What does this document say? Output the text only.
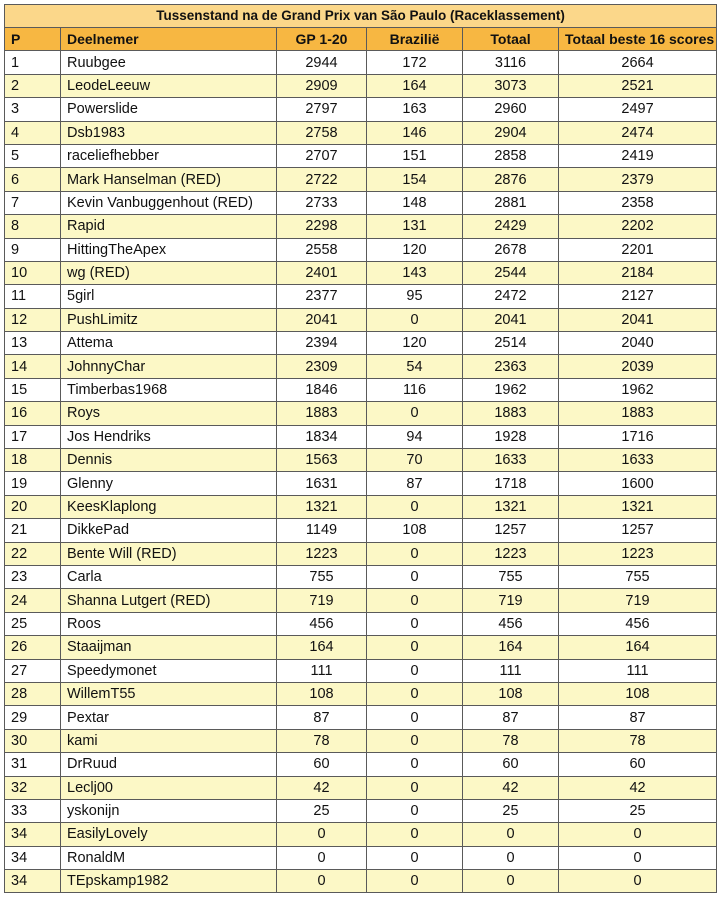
Tussenstand na de Grand Prix van São Paulo (Raceklassement)					
P	Deelnemer	GP 1-20	Brazilië	Totaal	Totaal beste 16 scores
1	Ruubgee	2944	172	3116	2664
2	LeodeLeeuw	2909	164	3073	2521
3	Powerslide	2797	163	2960	2497
4	Dsb1983	2758	146	2904	2474
5	raceliefhebber	2707	151	2858	2419
6	Mark Hanselman (RED)	2722	154	2876	2379
7	Kevin Vanbuggenhout (RED)	2733	148	2881	2358
8	Rapid	2298	131	2429	2202
9	HittingTheApex	2558	120	2678	2201
10	wg (RED)	2401	143	2544	2184
11	5girl	2377	95	2472	2127
12	PushLimitz	2041	0	2041	2041
13	Attema	2394	120	2514	2040
14	JohnnyChar	2309	54	2363	2039
15	Timberbas1968	1846	116	1962	1962
16	Roys	1883	0	1883	1883
17	Jos Hendriks	1834	94	1928	1716
18	Dennis	1563	70	1633	1633
19	Glenny	1631	87	1718	1600
20	KeesKlaplong	1321	0	1321	1321
21	DikkePad	1149	108	1257	1257
22	Bente Will (RED)	1223	0	1223	1223
23	Carla	755	0	755	755
24	Shanna Lutgert (RED)	719	0	719	719
25	Roos	456	0	456	456
26	Staaijman	164	0	164	164
27	Speedymonet	111	0	111	111
28	WillemT55	108	0	108	108
29	Pextar	87	0	87	87
30	kami	78	0	78	78
31	DrRuud	60	0	60	60
32	Leclj00	42	0	42	42
33	yskonijn	25	0	25	25
34	EasilyLovely	0	0	0	0
34	RonaldM	0	0	0	0
34	TEpskamp1982	0	0	0	0
